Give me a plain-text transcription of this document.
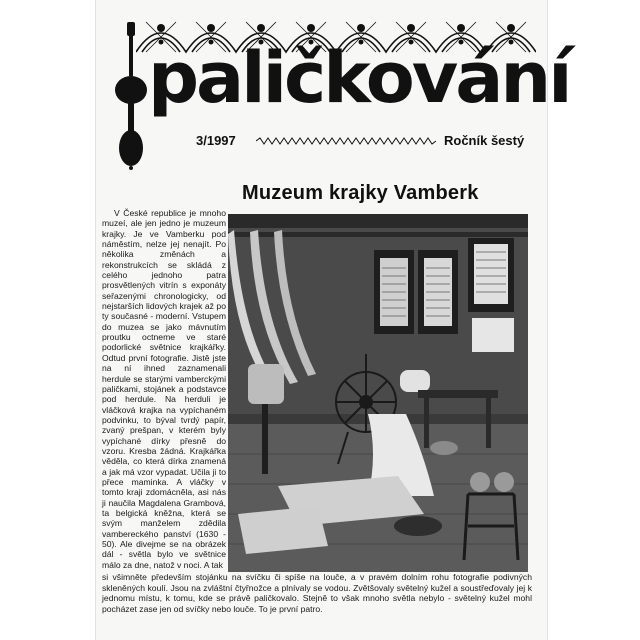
paličkování
3/1997	Ročník šestý
Muzeum krajky Vamberk

V České republice je mnoho muzeí, ale jen jedno je muzeum krajky. Je ve Vamberku pod náměstím, nelze jej nenajít. Po několika změnách a rekonstrukcích se skládá z celého jednoho patra prosvětlených vitrín s exponáty seřazenými chronologicky, od nejstarších lidových krajek až po ty současné - moderní. Vstupem do muzea se jako mávnutím proutku octneme ve staré podorlické světnice krajkářky. Odtud první fotografie. Jistě jste na ní ihned zaznamenali herdule se starými vamberckými paličkami, stojánek a podstavce pod herdule. Na herduli je vláčková krajka na vypíchaném podvinku, to býval tvrdý papír, zvaný prešpan, v kterém byly vypíchané dírky přesně do vzoru. Kresba žádná. Krajkářka věděla, co která dírka znamená a jak má vzor vypadat. Učila ji to přece maminka. A vláčky v tomto kraji zdomácněla, asi nás ji naučila Magdalena Grambová, ta belgická kněžna, která se svým manželem zdědila vambereckého panství (1630 - 50). Ale divejme se na obrázek dál - světla bylo ve světnice málo za dne, natož v noci. A tak

si všimněte především stojánku na svíčku či spíše na louče, a v pravém dolním rohu fotografie podivných skleněných koulí. Jsou na zvláštní čtyřnožce a plnívaly se vodou. Zvětšovaly světelný kužel a soustřeďovaly jej k jednomu místu, k tomu, kde se právě paličkovalo. Stejně to však mnoho světla nebylo - světelný kužel mohl pocházet zase jen od svíčky nebo louče. To je první patro.
